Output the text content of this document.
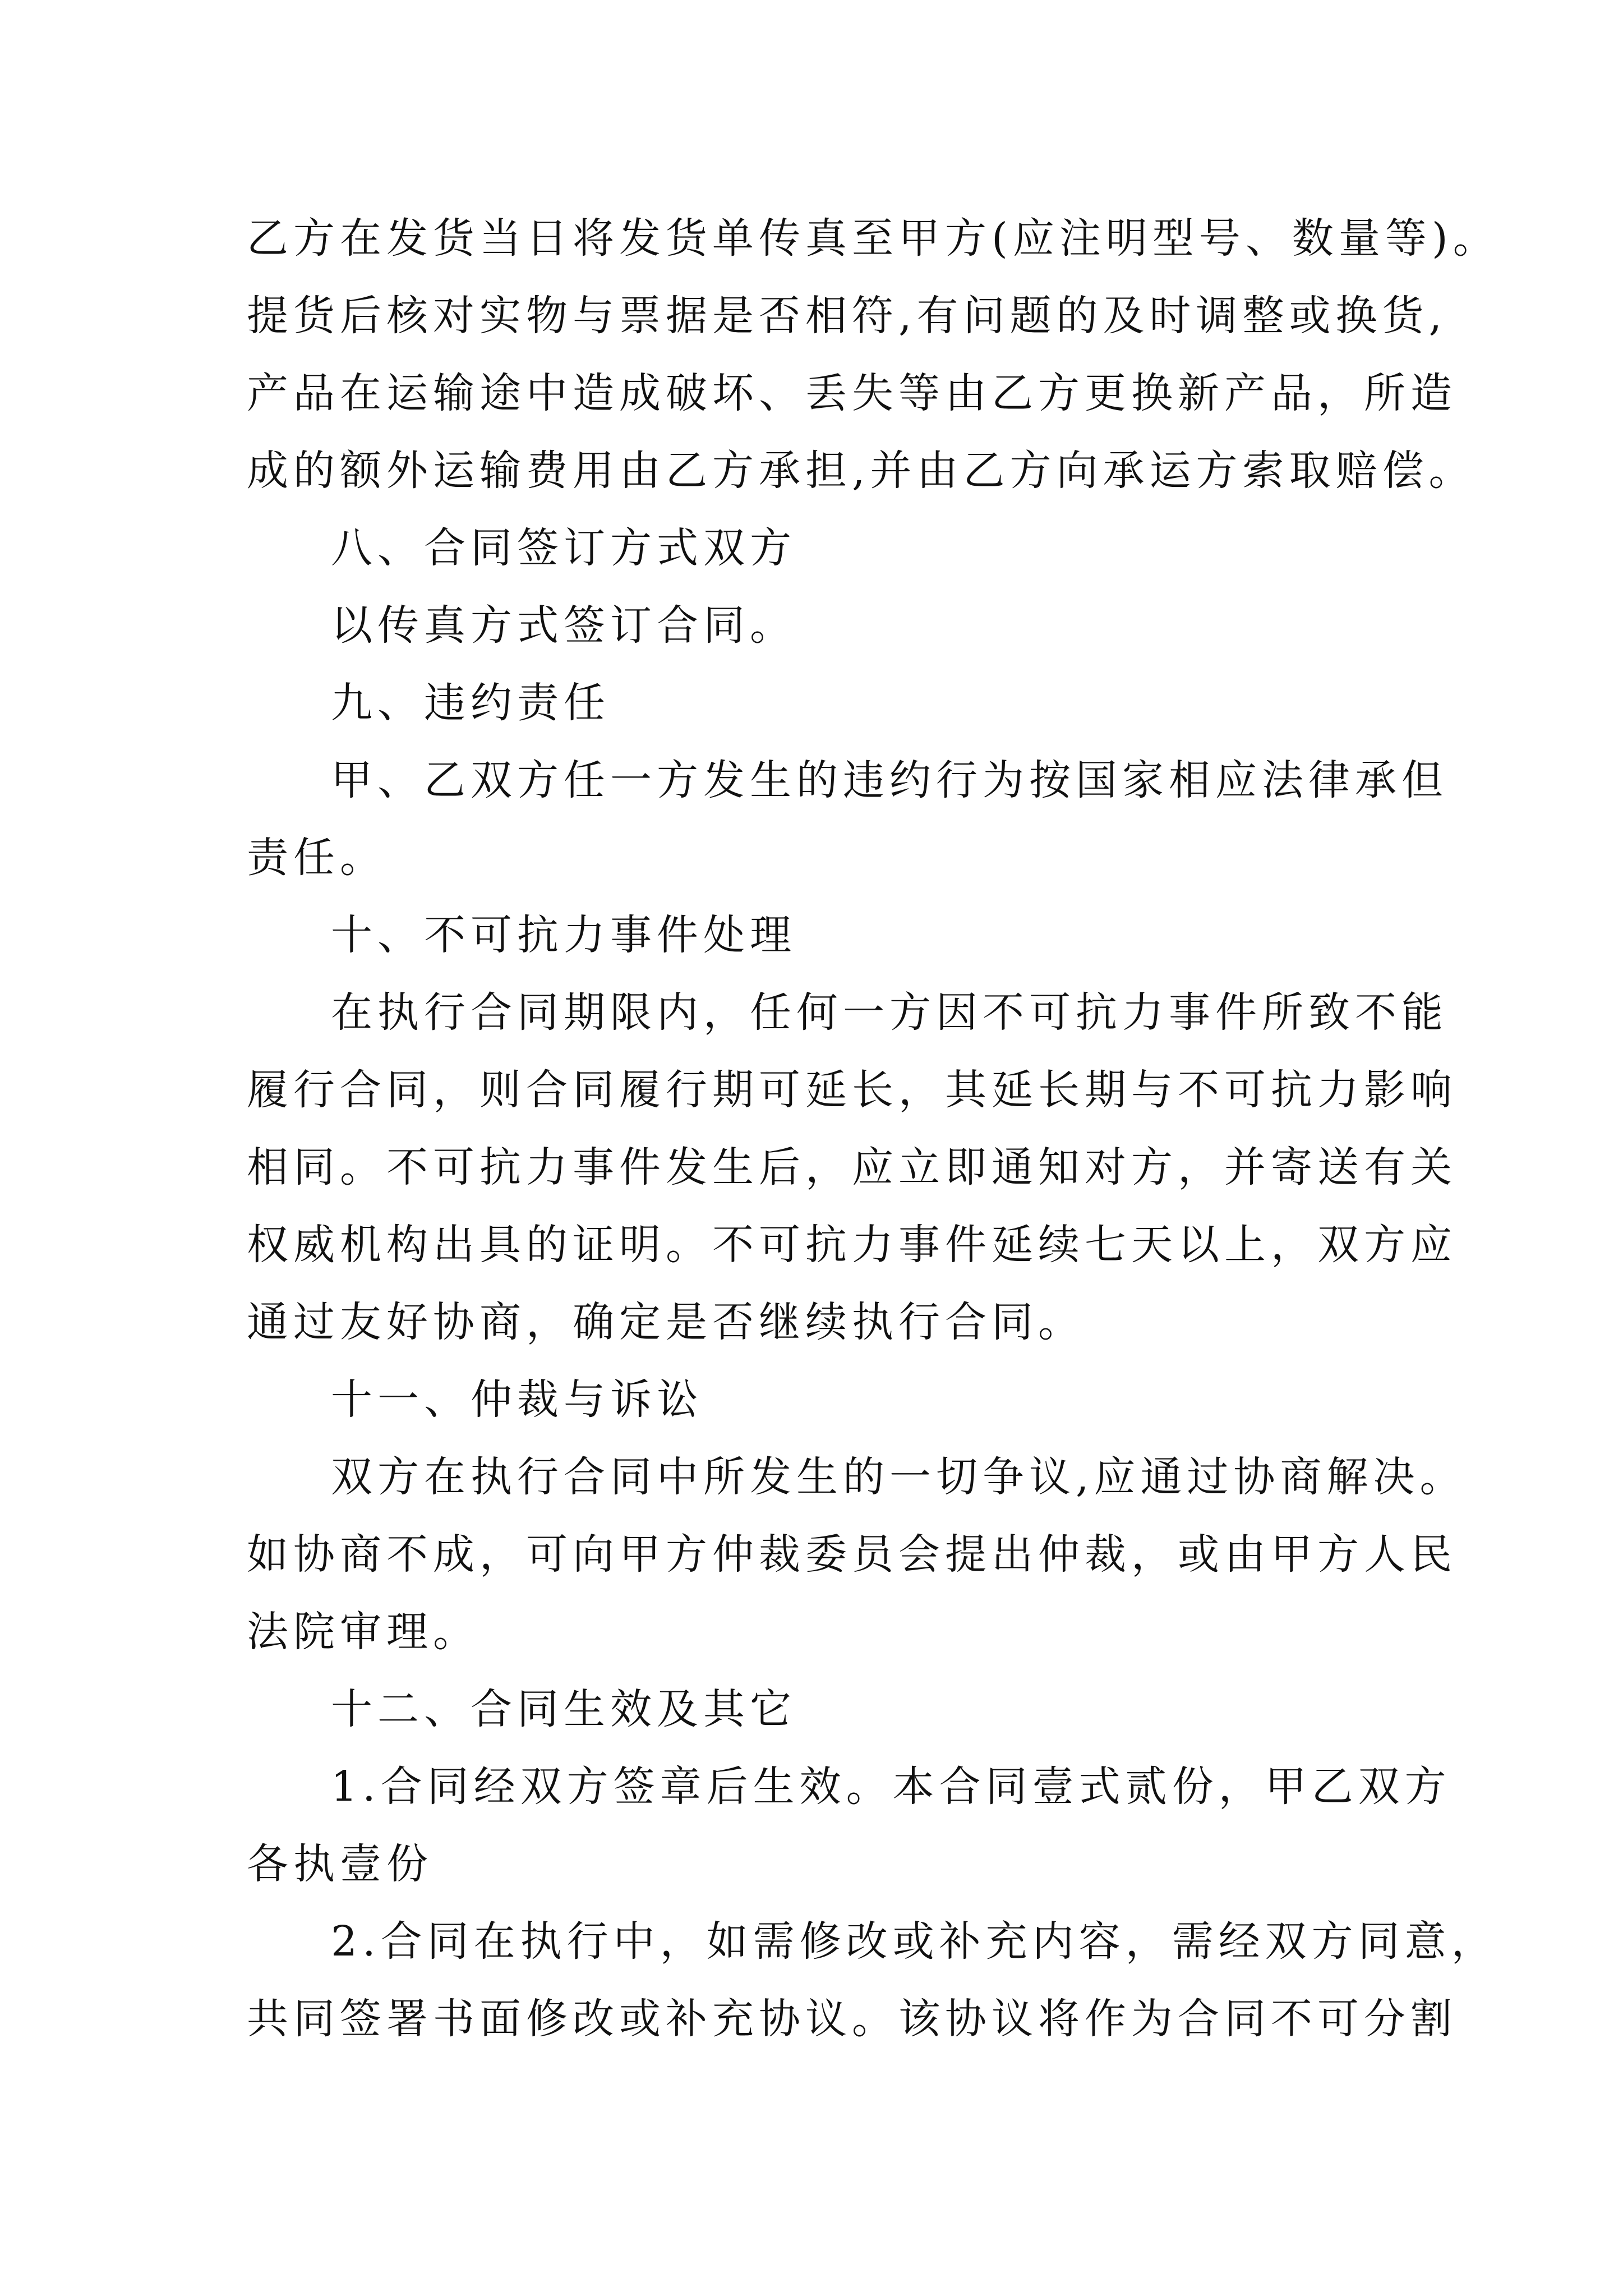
乙方在发货当日将发货单传真至甲方(应注明型号、数量等)。
提货后核对实物与票据是否相符,有问题的及时调整或换货,
产品在运输途中造成破坏、丢失等由乙方更换新产品，所造
成的额外运输费用由乙方承担,并由乙方向承运方索取赔偿。
八、合同签订方式双方
以传真方式签订合同。
九、违约责任
甲、乙双方任一方发生的违约行为按国家相应法律承但
责任。
十、不可抗力事件处理
在执行合同期限内，任何一方因不可抗力事件所致不能
履行合同，则合同履行期可延长，其延长期与不可抗力影响
相同。不可抗力事件发生后，应立即通知对方，并寄送有关
权威机构出具的证明。不可抗力事件延续七天以上，双方应
通过友好协商，确定是否继续执行合同。
十一、仲裁与诉讼
双方在执行合同中所发生的一切争议,应通过协商解决。
如协商不成，可向甲方仲裁委员会提出仲裁，或由甲方人民
法院审理。
十二、合同生效及其它
1.合同经双方签章后生效。本合同壹式贰份，甲乙双方
各执壹份
2.合同在执行中，如需修改或补充内容，需经双方同意，
共同签署书面修改或补充协议。该协议将作为合同不可分割
